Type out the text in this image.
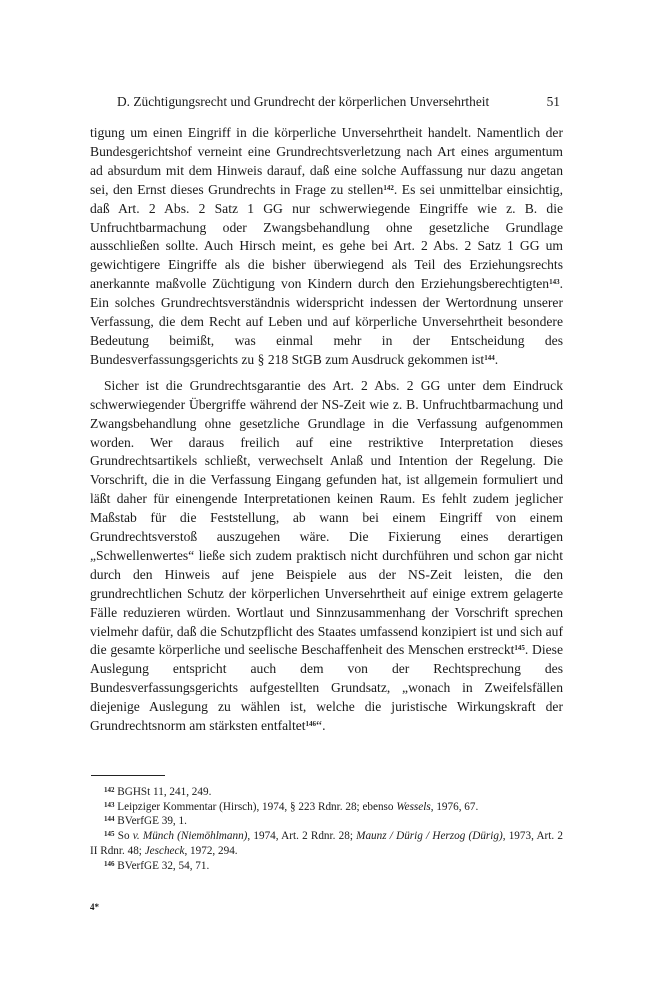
D. Züchtigungsrecht und Grundrecht der körperlichen Unversehrtheit	51

tigung um einen Eingriff in die körperliche Unversehrtheit handelt. Namentlich der Bundesgerichtshof verneint eine Grundrechtsverletzung nach Art eines argumentum ad absurdum mit dem Hinweis darauf, daß eine solche Auffassung nur dazu angetan sei, den Ernst dieses Grundrechts in Frage zu stellen$^{142}$. Es sei unmittelbar einsichtig, daß Art. 2 Abs. 2 Satz 1 GG nur schwerwiegende Eingriffe wie z. B. die Unfruchtbarmachung oder Zwangsbehandlung ohne gesetzliche Grundlage ausschließen sollte. Auch Hirsch meint, es gehe bei Art. 2 Abs. 2 Satz 1 GG um gewichtigere Eingriffe als die bisher überwiegend als Teil des Erziehungsrechts anerkannte maßvolle Züchtigung von Kindern durch den Erziehungsberechtigten$^{143}$. Ein solches Grundrechtsverständnis widerspricht indessen der Wertordnung unserer Verfassung, die dem Recht auf Leben und auf körperliche Unversehrtheit besondere Bedeutung beimißt, was einmal mehr in der Entscheidung des Bundesverfassungsgerichts zu § 218 StGB zum Ausdruck gekommen ist$^{144}$.

Sicher ist die Grundrechtsgarantie des Art. 2 Abs. 2 GG unter dem Eindruck schwerwiegender Übergriffe während der NS-Zeit wie z. B. Unfruchtbarmachung und Zwangsbehandlung ohne gesetzliche Grundlage in die Verfassung aufgenommen worden. Wer daraus freilich auf eine restriktive Interpretation dieses Grundrechtsartikels schließt, verwechselt Anlaß und Intention der Regelung. Die Vorschrift, die in die Verfassung Eingang gefunden hat, ist allgemein formuliert und läßt daher für einengende Interpretationen keinen Raum. Es fehlt zudem jeglicher Maßstab für die Feststellung, ab wann bei einem Eingriff von einem Grundrechtsverstoß auszugehen wäre. Die Fixierung eines derartigen „Schwellenwertes“ ließe sich zudem praktisch nicht durchführen und schon gar nicht durch den Hinweis auf jene Beispiele aus der NS-Zeit leisten, die den grundrechtlichen Schutz der körperlichen Unversehrtheit auf einige extrem gelagerte Fälle reduzieren würden. Wortlaut und Sinnzusammenhang der Vorschrift sprechen vielmehr dafür, daß die Schutzpflicht des Staates umfassend konzipiert ist und sich auf die gesamte körperliche und seelische Beschaffenheit des Menschen erstreckt$^{145}$. Diese Auslegung entspricht auch dem von der Rechtsprechung des Bundesverfassungsgerichts aufgestellten Grundsatz, „wonach in Zweifelsfällen diejenige Auslegung zu wählen ist, welche die juristische Wirkungskraft der Grundrechtsnorm am stärksten entfaltet$^{146}$“.

$^{142}$ BGHSt 11, 241, 249.

$^{143}$ Leipziger Kommentar (Hirsch), 1974, § 223 Rdnr. 28; ebenso Wessels, 1976, 67.

$^{144}$ BVerfGE 39, 1.

$^{145}$ So v. Münch (Niemöhlmann), 1974, Art. 2 Rdnr. 28; Maunz / Dürig / Herzog (Dürig), 1973, Art. 2 II Rdnr. 48; Jescheck, 1972, 294.

$^{146}$ BVerfGE 32, 54, 71.

4*
